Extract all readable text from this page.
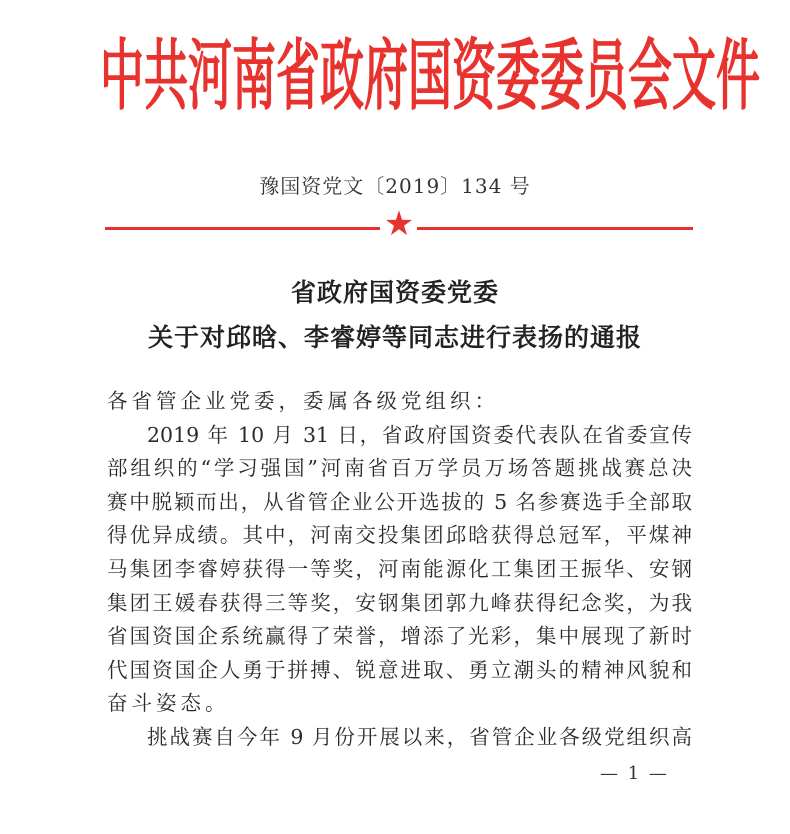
中 共 河 南 省 政 府 国 资 委 委 员 会 文 件
豫国资党文〔2019〕134 号
★
省政府国资委党委
关于对邱晗、李睿婷等同志进行表扬的通报
各省管企业党委，委属各级党组织：
2019 年 10 月 31 日，省政府国资委代表队在省委宣传
部组织的“学习强国”河南省百万学员万场答题挑战赛总决
赛中脱颖而出，从省管企业公开选拔的 5 名参赛选手全部取
得优异成绩。其中，河南交投集团邱晗获得总冠军，平煤神
马集团李睿婷获得一等奖，河南能源化工集团王振华、安钢
集团王媛春获得三等奖，安钢集团郭九峰获得纪念奖，为我
省国资国企系统赢得了荣誉，增添了光彩，集中展现了新时
代国资国企人勇于拼搏、锐意进取、勇立潮头的精神风貌和
奋斗姿态。
挑战赛自今年 9 月份开展以来，省管企业各级党组织高
— 1 —
